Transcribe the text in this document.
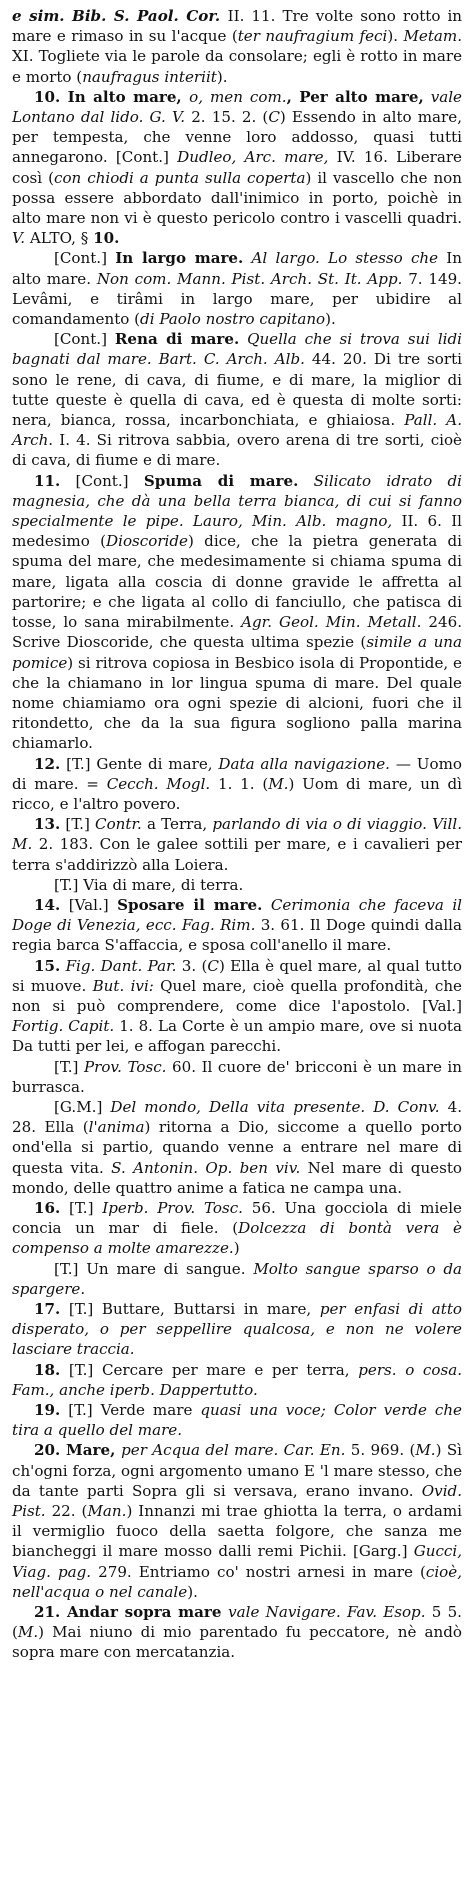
e sim. Bib. S. Paol. Cor. II. 11. Tre volte sono rotto in mare e rimaso in su l'acque (ter naufragium feci). Metam. XI. Togliete via le parole da consolare; egli è rotto in mare e morto (naufragus interiit).

10. In alto mare, o, men com., Per alto mare, vale Lontano dal lido. G. V. 2. 15. 2. (C) Essendo in alto mare, per tempesta, che venne loro addosso, quasi tutti annegarono. [Cont.] Dudleo, Arc. mare, IV. 16. Liberare così (con chiodi a punta sulla coperta) il vascello che non possa essere abbordato dall'inimico in porto, poichè in alto mare non vi è questo pericolo contro i vascelli quadri. V. ALTO, § 10.

[Cont.] In largo mare. Al largo. Lo stesso che In alto mare. Non com. Mann. Pist. Arch. St. It. App. 7. 149. Levâmi, e tirâmi in largo mare, per ubidire al comandamento (di Paolo nostro capitano).

[Cont.] Rena di mare. Quella che si trova sui lidi bagnati dal mare. Bart. C. Arch. Alb. 44. 20. Di tre sorti sono le rene, di cava, di fiume, e di mare, la miglior di tutte queste è quella di cava, ed è questa di molte sorti: nera, bianca, rossa, incarbonchiata, e ghiaiosa. Pall. A. Arch. I. 4. Si ritrova sabbia, overo arena di tre sorti, cioè di cava, di fiume e di mare.

11. [Cont.] Spuma di mare. Silicato idrato di magnesia, che dà una bella terra bianca, di cui si fanno specialmente le pipe. Lauro, Min. Alb. magno, II. 6. Il medesimo (Dioscoride) dice, che la pietra generata di spuma del mare, che medesimamente si chiama spuma di mare, ligata alla coscia di donne gravide le affretta al partorire; e che ligata al collo di fanciullo, che patisca di tosse, lo sana mirabilmente. Agr. Geol. Min. Metall. 246. Scrive Dioscoride, che questa ultima spezie (simile a una pomice) si ritrova copiosa in Besbico isola di Propontide, e che la chiamano in lor lingua spuma di mare. Del quale nome chiamiamo ora ogni spezie di alcioni, fuori che il ritondetto, che da la sua figura sogliono palla marina chiamarlo.

12. [T.] Gente di mare, Data alla navigazione. — Uomo di mare. = Cecch. Mogl. 1. 1. (M.) Uom di mare, un dì ricco, e l'altro povero.

13. [T.] Contr. a Terra, parlando di via o di viaggio. Vill. M. 2. 183. Con le galee sottili per mare, e i cavalieri per terra s'addirizzò alla Loiera.

[T.] Via di mare, di terra.

14. [Val.] Sposare il mare. Cerimonia che faceva il Doge di Venezia, ecc. Fag. Rim. 3. 61. Il Doge quindi dalla regia barca S'affaccia, e sposa coll'anello il mare.

15. Fig. Dant. Par. 3. (C) Ella è quel mare, al qual tutto si muove. But. ivi: Quel mare, cioè quella profondità, che non si può comprendere, come dice l'apostolo. [Val.] Fortig. Capit. 1. 8. La Corte è un ampio mare, ove si nuota Da tutti per lei, e affogan parecchi.

[T.] Prov. Tosc. 60. Il cuore de' bricconi è un mare in burrasca.

[G.M.] Del mondo, Della vita presente. D. Conv. 4. 28. Ella (l'anima) ritorna a Dio, siccome a quello porto ond'ella si partio, quando venne a entrare nel mare di questa vita. S. Antonin. Op. ben viv. Nel mare di questo mondo, delle quattro anime a fatica ne campa una.

16. [T.] Iperb. Prov. Tosc. 56. Una gocciola di miele concia un mar di fiele. (Dolcezza di bontà vera è compenso a molte amarezze.)

[T.] Un mare di sangue. Molto sangue sparso o da spargere.

17. [T.] Buttare, Buttarsi in mare, per enfasi di atto disperato, o per seppellire qualcosa, e non ne volere lasciare traccia.

18. [T.] Cercare per mare e per terra, pers. o cosa. Fam., anche iperb. Dappertutto.

19. [T.] Verde mare quasi una voce; Color verde che tira a quello del mare.

20. Mare, per Acqua del mare. Car. En. 5. 969. (M.) Sì ch'ogni forza, ogni argomento umano E 'l mare stesso, che da tante parti Sopra gli si versava, erano invano. Ovid. Pist. 22. (Man.) Innanzi mi trae ghiotta la terra, o ardami il vermiglio fuoco della saetta folgore, che sanza me biancheggi il mare mosso dalli remi Pichii. [Garg.] Gucci, Viag. pag. 279. Entriamo co' nostri arnesi in mare (cioè, nell'acqua o nel canale).

21. Andar sopra mare vale Navigare. Fav. Esop. 5 5. (M.) Mai niuno di mio parentado fu peccatore, nè andò sopra mare con mercatanzia.
